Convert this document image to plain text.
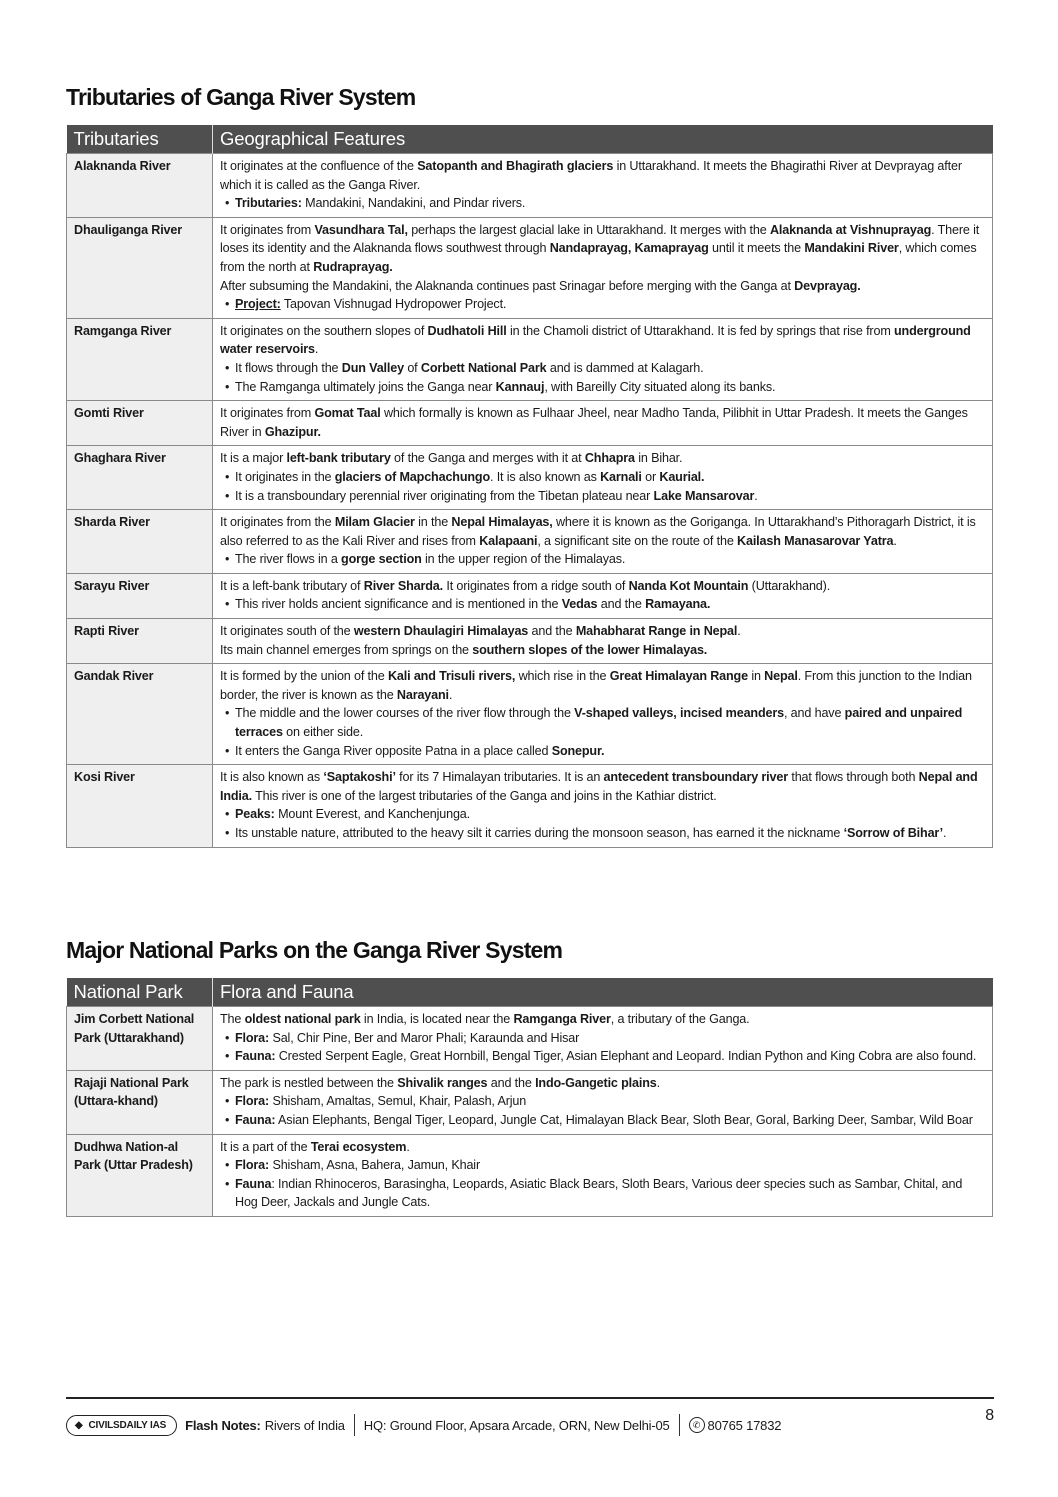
Tributaries of Ganga River System
Tributaries	Geographical Features
Alaknanda River	It originates at the confluence of the Satopanth and Bhagirath glaciers in Uttarakhand. It meets the Bhagirathi River at Devprayag after which it is called as the Ganga River.
• Tributaries: Mandakini, Nandakini, and Pindar rivers.

Dhauliganga River	It originates from Vasundhara Tal, perhaps the largest glacial lake in Uttarakhand. It merges with the Alaknanda at Vishnuprayag. There it loses its identity and the Alaknanda flows southwest through Nandaprayag, Kamaprayag until it meets the Mandakini River, which comes from the north at Rudraprayag.
After subsuming the Mandakini, the Alaknanda continues past Srinagar before merging with the Ganga at Devprayag.
• Project: Tapovan Vishnugad Hydropower Project.

Ramganga River	It originates on the southern slopes of Dudhatoli Hill in the Chamoli district of Uttarakhand. It is fed by springs that rise from underground water reservoirs.
• It flows through the Dun Valley of Corbett National Park and is dammed at Kalagarh.
• The Ramganga ultimately joins the Ganga near Kannauj, with Bareilly City situated along its banks.

Gomti River	It originates from Gomat Taal which formally is known as Fulhaar Jheel, near Madho Tanda, Pilibhit in Uttar Pradesh. It meets the Ganges River in Ghazipur.

Ghaghara River	It is a major left-bank tributary of the Ganga and merges with it at Chhapra in Bihar.
• It originates in the glaciers of Mapchachungo. It is also known as Karnali or Kaurial.
• It is a transboundary perennial river originating from the Tibetan plateau near Lake Mansarovar.

Sharda River	It originates from the Milam Glacier in the Nepal Himalayas, where it is known as the Goriganga. In Uttarakhand’s Pithoragarh District, it is also referred to as the Kali River and rises from Kalapaani, a significant site on the route of the Kailash Manasarovar Yatra.
• The river flows in a gorge section in the upper region of the Himalayas.

Sarayu River	It is a left-bank tributary of River Sharda. It originates from a ridge south of Nanda Kot Mountain (Uttarakhand).
• This river holds ancient significance and is mentioned in the Vedas and the Ramayana.

Rapti River	It originates south of the western Dhaulagiri Himalayas and the Mahabharat Range in Nepal.
Its main channel emerges from springs on the southern slopes of the lower Himalayas.

Gandak River	It is formed by the union of the Kali and Trisuli rivers, which rise in the Great Himalayan Range in Nepal. From this junction to the Indian border, the river is known as the Narayani.
• The middle and the lower courses of the river flow through the V-shaped valleys, incised meanders, and have paired and unpaired terraces on either side.
• It enters the Ganga River opposite Patna in a place called Sonepur.

Kosi River	It is also known as ‘Saptakoshi’ for its 7 Himalayan tributaries. It is an antecedent transboundary river that flows through both Nepal and India. This river is one of the largest tributaries of the Ganga and joins in the Kathiar district.
• Peaks: Mount Everest, and Kanchenjunga.
• Its unstable nature, attributed to the heavy silt it carries during the monsoon season, has earned it the nickname ‘Sorrow of Bihar’.
Major National Parks on the Ganga River System
National Park	Flora and Fauna
Jim Corbett National Park (Uttarakhand)	The oldest national park in India, is located near the Ramganga River, a tributary of the Ganga.
• Flora: Sal, Chir Pine, Ber and Maror Phali; Karaunda and Hisar
• Fauna: Crested Serpent Eagle, Great Hornbill, Bengal Tiger, Asian Elephant and Leopard. Indian Python and King Cobra are also found.

Rajaji National Park (Uttara-khand)	The park is nestled between the Shivalik ranges and the Indo-Gangetic plains.
• Flora: Shisham, Amaltas, Semul, Khair, Palash, Arjun
• Fauna: Asian Elephants, Bengal Tiger, Leopard, Jungle Cat, Himalayan Black Bear, Sloth Bear, Goral, Barking Deer, Sambar, Wild Boar

Dudhwa Nation-al Park (Uttar Pradesh)	It is a part of the Terai ecosystem.
• Flora: Shisham, Asna, Bahera, Jamun, Khair
• Fauna: Indian Rhinoceros, Barasingha, Leopards, Asiatic Black Bears, Sloth Bears, Various deer species such as Sambar, Chital, and Hog Deer, Jackals and Jungle Cats.
◆ CIVILSDAILY IAS Flash Notes: Rivers of India HQ: Ground Floor, Apsara Arcade, ORN, New Delhi-05	✆ 80765 17832
8
